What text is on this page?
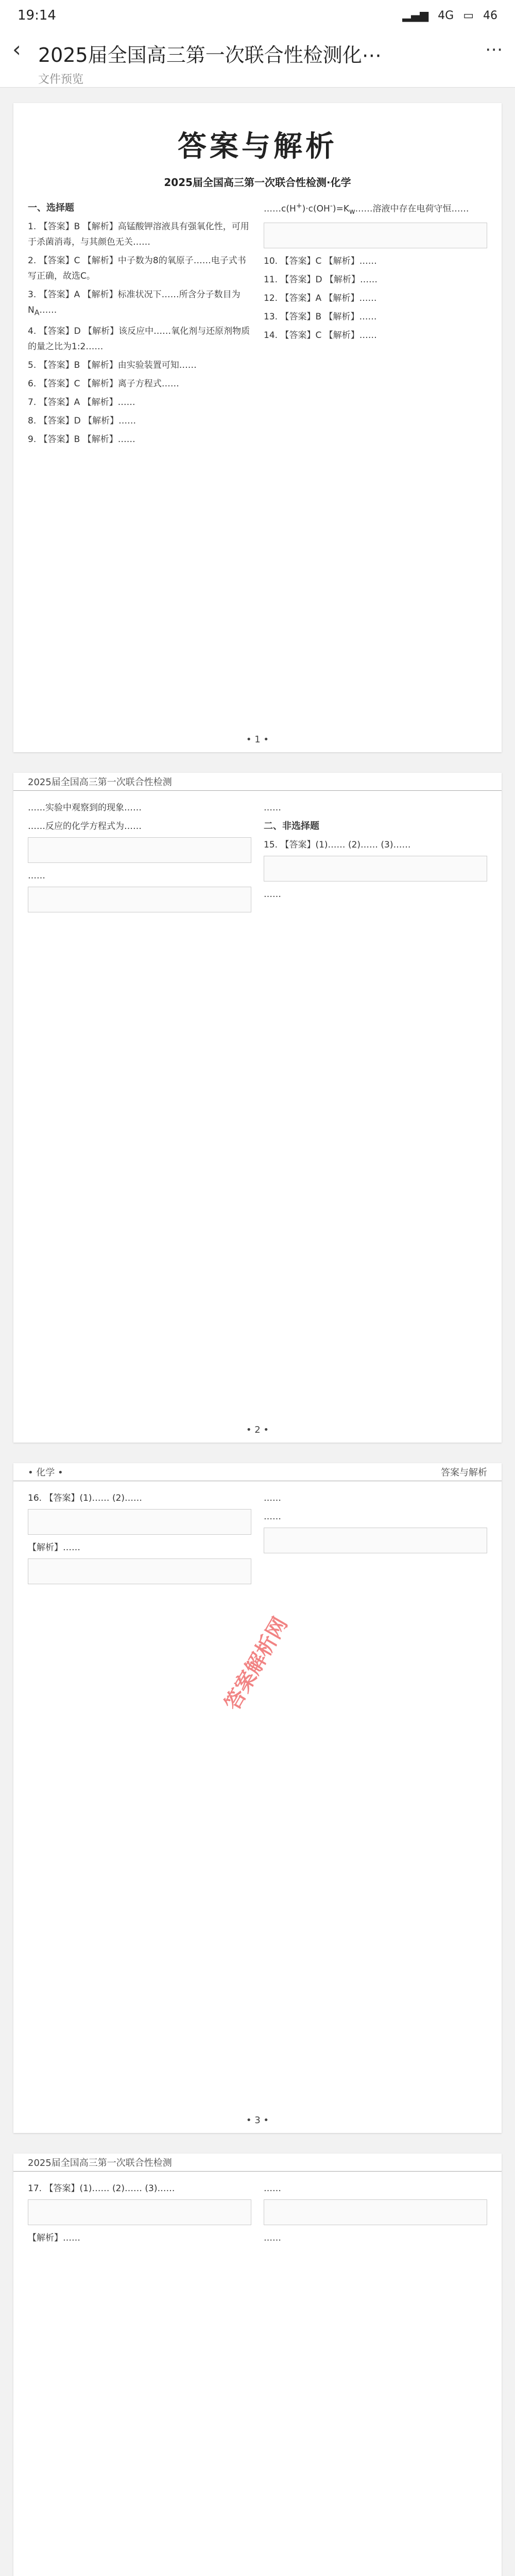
19:14	▂▄▆ 4G ▭ 46
‹ 2025届全国高三第一次联合性检测化⋯
文件预览
⋯
答案与解析
2025届全国高三第一次联合性检测·化学
一、选择题

1. 【答案】B 【解析】高锰酸钾溶液具有强氧化性，可用于杀菌消毒，与其颜色无关……

2. 【答案】C 【解析】中子数为8的氧原子……电子式书写正确，故选C。

3. 【答案】A 【解析】标准状况下……所含分子数目为$N_A\dots\dots$

4. 【答案】D 【解析】该反应中……氧化剂与还原剂物质的量之比为1:2……

5. 【答案】B 【解析】由实验装置可知……

6. 【答案】C 【解析】离子方程式……

7. 【答案】A 【解析】……

8. 【答案】D 【解析】……

9. 【答案】B 【解析】……

$\dots\dots c(H^+)\cdot c(OH^-)=K_w\dots\dots$溶液中存在电荷守恒……

10. 【答案】C 【解析】……

11. 【答案】D 【解析】……

12. 【答案】A 【解析】……

13. 【答案】B 【解析】……

14. 【答案】C 【解析】……

• 1 •
2025届全国高三第一次联合性检测

……实验中观察到的现象……

……反应的化学方程式为……

……

……

二、非选择题

15. 【答案】(1)…… (2)…… (3)……

……

• 2 •
• 化学 •	答案与解析

16. 【答案】(1)…… (2)……

【解析】……

……

……

• 3 •
2025届全国高三第一次联合性检测

17. 【答案】(1)…… (2)…… (3)……

【解析】……

……

……

答案解析网
